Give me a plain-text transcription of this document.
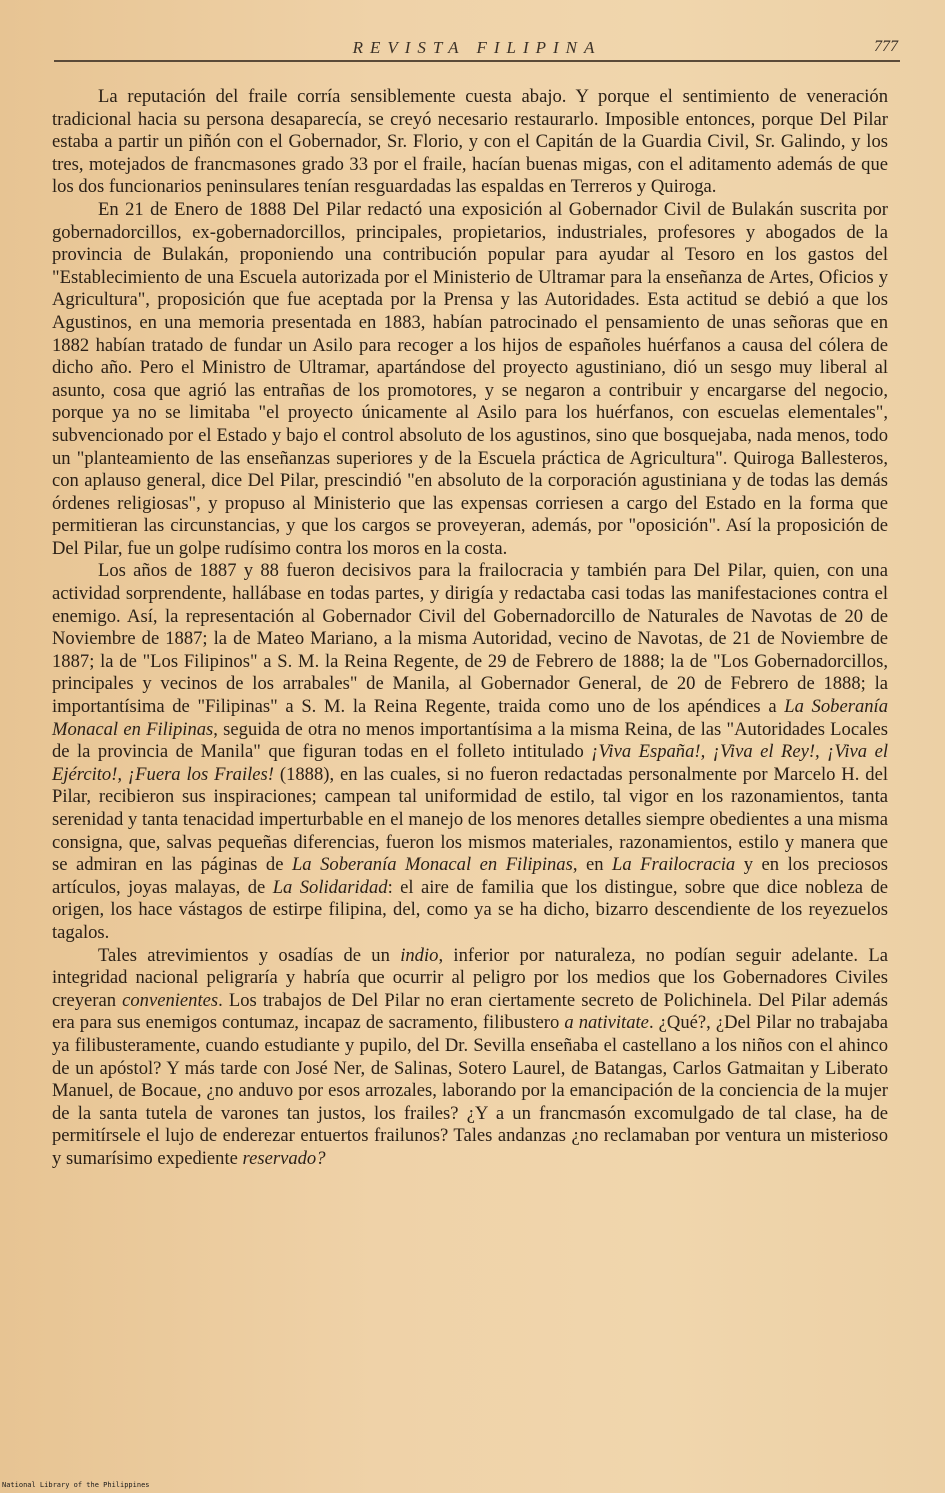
REVISTA FILIPINA	777

La reputación del fraile corría sensiblemente cuesta abajo. Y porque el sentimiento de veneración tradicional hacia su persona desaparecía, se creyó necesario restaurarlo. Imposible entonces, porque Del Pilar estaba a partir un piñón con el Gobernador, Sr. Florio, y con el Capitán de la Guardia Civil, Sr. Galindo, y los tres, motejados de francmasones grado 33 por el fraile, hacían buenas migas, con el aditamento además de que los dos funcionarios peninsulares tenían resguardadas las espaldas en Terreros y Quiroga.

En 21 de Enero de 1888 Del Pilar redactó una exposición al Gobernador Civil de Bulakán suscrita por gobernadorcillos, ex-gobernadorcillos, principales, propietarios, industriales, profesores y abogados de la provincia de Bulakán, proponiendo una contribución popular para ayudar al Tesoro en los gastos del "Establecimiento de una Escuela autorizada por el Ministerio de Ultramar para la enseñanza de Artes, Oficios y Agricultura", proposición que fue aceptada por la Prensa y las Autoridades. Esta actitud se debió a que los Agustinos, en una memoria presentada en 1883, habían patrocinado el pensamiento de unas señoras que en 1882 habían tratado de fundar un Asilo para recoger a los hijos de españoles huérfanos a causa del cólera de dicho año. Pero el Ministro de Ultramar, apartándose del proyecto agustiniano, dió un sesgo muy liberal al asunto, cosa que agrió las entrañas de los promotores, y se negaron a contribuir y encargarse del negocio, porque ya no se limitaba "el proyecto únicamente al Asilo para los huérfanos, con escuelas elementales", subvencionado por el Estado y bajo el control absoluto de los agustinos, sino que bosquejaba, nada menos, todo un "planteamiento de las enseñanzas superiores y de la Escuela práctica de Agricultura". Quiroga Ballesteros, con aplauso general, dice Del Pilar, prescindió "en absoluto de la corporación agustiniana y de todas las demás órdenes religiosas", y propuso al Ministerio que las expensas corriesen a cargo del Estado en la forma que permitieran las circunstancias, y que los cargos se proveyeran, además, por "oposición". Así la proposición de Del Pilar, fue un golpe rudísimo contra los moros en la costa.

Los años de 1887 y 88 fueron decisivos para la frailocracia y también para Del Pilar, quien, con una actividad sorprendente, hallábase en todas partes, y dirigía y redactaba casi todas las manifestaciones contra el enemigo. Así, la representación al Gobernador Civil del Gobernadorcillo de Naturales de Navotas de 20 de Noviembre de 1887; la de Mateo Mariano, a la misma Autoridad, vecino de Navotas, de 21 de Noviembre de 1887; la de "Los Filipinos" a S. M. la Reina Regente, de 29 de Febrero de 1888; la de "Los Gobernadorcillos, principales y vecinos de los arrabales" de Manila, al Gobernador General, de 20 de Febrero de 1888; la importantísima de "Filipinas" a S. M. la Reina Regente, traida como uno de los apéndices a La Soberanía Monacal en Filipinas, seguida de otra no menos importantísima a la misma Reina, de las "Autoridades Locales de la provincia de Manila" que figuran todas en el folleto intitulado ¡Viva España!, ¡Viva el Rey!, ¡Viva el Ejército!, ¡Fuera los Frailes! (1888), en las cuales, si no fueron redactadas personalmente por Marcelo H. del Pilar, recibieron sus inspiraciones; campean tal uniformidad de estilo, tal vigor en los razonamientos, tanta serenidad y tanta tenacidad imperturbable en el manejo de los menores detalles siempre obedientes a una misma consigna, que, salvas pequeñas diferencias, fueron los mismos materiales, razonamientos, estilo y manera que se admiran en las páginas de La Soberanía Monacal en Filipinas, en La Frailocracia y en los preciosos artículos, joyas malayas, de La Solidaridad: el aire de familia que los distingue, sobre que dice nobleza de origen, los hace vástagos de estirpe filipina, del, como ya se ha dicho, bizarro descendiente de los reyezuelos tagalos.

Tales atrevimientos y osadías de un indio, inferior por naturaleza, no podían seguir adelante. La integridad nacional peligraría y habría que ocurrir al peligro por los medios que los Gobernadores Civiles creyeran convenientes. Los trabajos de Del Pilar no eran ciertamente secreto de Polichinela. Del Pilar además era para sus enemigos contumaz, incapaz de sacramento, filibustero a nativitate. ¿Qué?, ¿Del Pilar no trabajaba ya filibusteramente, cuando estudiante y pupilo, del Dr. Sevilla enseñaba el castellano a los niños con el ahinco de un apóstol? Y más tarde con José Ner, de Salinas, Sotero Laurel, de Batangas, Carlos Gatmaitan y Liberato Manuel, de Bocaue, ¿no anduvo por esos arrozales, laborando por la emancipación de la conciencia de la mujer de la santa tutela de varones tan justos, los frailes? ¿Y a un francmasón excomulgado de tal clase, ha de permitírsele el lujo de enderezar entuertos frailunos? Tales andanzas ¿no reclamaban por ventura un misterioso y sumarísimo expediente reservado?

National Library of the Philippines
